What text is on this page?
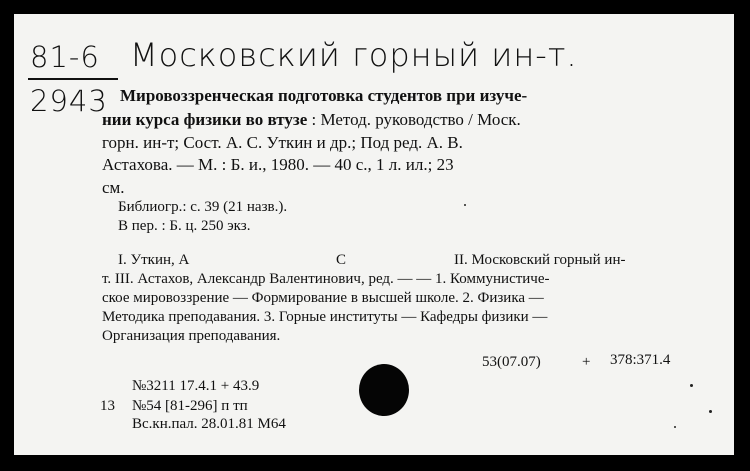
81-6 Московский горный ин-т.
2943 Мировоззренческая подготовка студентов при изуче-
нии курса физики во втузе : Метод. руководство / Моск.
горн. ин-т; Сост. А. С. Уткин и др.; Под ред. А. В.
Астахова. — М. : Б. и., 1980. — 40 с., 1 л. ил.; 23
см.
Библиогр.: с. 39 (21 назв.).
В пер. : Б. ц. 250 экз.
I. Уткин, А	С	II. Московский горный ин-
т. III. Астахов, Александр Валентинович, ред. — — 1. Коммунистиче-
ское мировоззрение — Формирование в высшей школе. 2. Физика —
Методика преподавания. 3. Горные институты — Кафедры физики —
Организация преподавания.
53(07.07)	+ 378:371.4
№3211 17.4.1 + 43.9
13 №54 [81-296] п тп
Вс.кн.пал. 28.01.81 М64
